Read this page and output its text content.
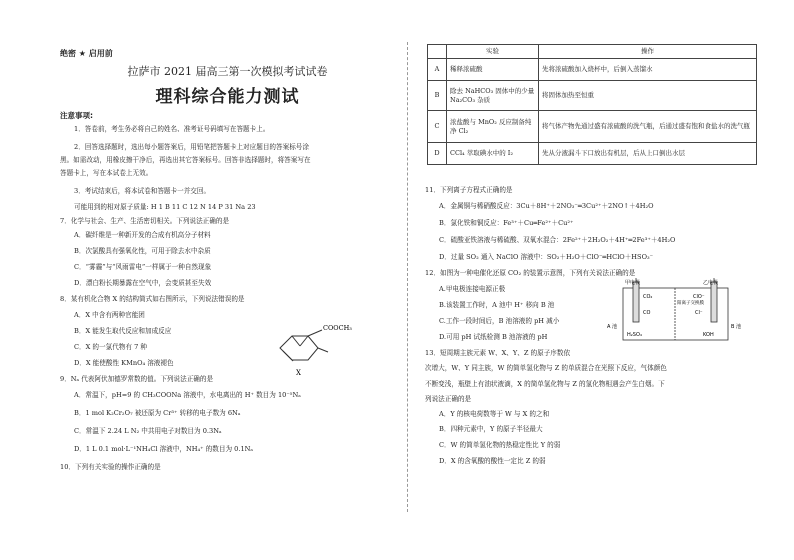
绝密 ★ 启用前
拉萨市 2021 届高三第一次模拟考试试卷
理科综合能力测试
注意事项:
1．答卷前，考生务必将自己的姓名、准考证号码填写在答题卡上。
2．回答选择题时，选出每小题答案后，用铅笔把答题卡上对应题目的答案标号涂
黑。如需改动，用橡皮擦干净后，再选出其它答案标号。回答非选择题时，将答案写在
答题卡上，写在本试卷上无效。
3．考试结束后，将本试卷和答题卡一并交回。
可能用到的相对原子质量: H 1 B 11 C 12 N 14 P 31 Na 23
7．化学与社会、生产、生活密切相关。下列说法正确的是
A．碳纤维是一种新开发的合成有机高分子材料
B．次氯酸具有强氧化性，可用于除去水中杂质
C．“雾霾”与“风雨雷电”一样属于一种自然现象
D．漂白粉长期暴露在空气中，会变质甚至失效
8．某有机化合物 X 的结构简式如右图所示，下列说法错误的是
A．X 中含有两种官能团
B．X 能发生取代反应和加成反应
C．X 的一氯代物有 7 种
D．X 能使酸性 KMnO₄ 溶液褪色
9．Nₐ 代表阿伏加德罗常数的值。下列说法正确的是
A．常温下，pH=9 的 CH₃COONa 溶液中，水电离出的 H⁺ 数目为 10⁻⁵Nₐ
B．1 mol K₂Cr₂O₇ 被还原为 Cr³⁺ 转移的电子数为 6Nₐ
C．常温下 2.24 L N₂ 中共用电子对数目为 0.3Nₐ
D．1 L 0.1 mol·L⁻¹NH₄Cl 溶液中，NH₄⁺ 的数目为 0.1Nₐ
10．下列有关实验的操作正确的是
COOCH₃
X
	实验	操作
A	稀释浓硫酸	先将浓硫酸加入烧杯中，后倒入蒸馏水
B	除去 NaHCO₃ 固体中的少量 Na₂CO₃ 杂质	将固体加热至恒重
C	浓盐酸与 MnO₂ 反应制备纯净 Cl₂	将气体产物先通过盛有浓硫酸的洗气瓶，后通过盛有饱和食盐水的洗气瓶
D	CCl₄ 萃取碘水中的 I₂	先从分液漏斗下口放出有机层，后从上口倒出水层
11．下列离子方程式正确的是
A．金属铜与稀硝酸反应：3Cu＋8H⁺＋2NO₃⁻═3Cu²⁺＋2NO↑＋4H₂O
B．氯化铁和铜反应：Fe³⁺＋Cu═Fe²⁺＋Cu²⁺
C．硫酸亚铁溶液与稀硫酸、双氧水混合：2Fe²⁺＋2H₂O₂＋4H⁺═2Fe³⁺＋4H₂O
D．过量 SO₂ 通入 NaClO 溶液中：SO₂＋H₂O＋ClO⁻═HClO＋HSO₃⁻
12．如图为一种电催化还原 CO₂ 的装置示意图，下列有关说法正确的是
A.甲电极连接电源正极
B.该装置工作时，A 池中 H⁺ 移向 B 池
C.工作一段时间后，B 池溶液的 pH 减小
D.可用 pH 试纸检测 B 池溶液的 pH
13．短周期主族元素 W、X、Y、Z 的原子序数依
次增大，W、Y 同主族，W 的简单氢化物与 Z 的单质混合在光照下反应，气体颜色
不断变浅，瓶壁上有油状液滴，X 的简单氢化物与 Z 的氢化物相遇会产生白烟。下
列说法正确的是
A．Y 的核电荷数等于 W 与 X 的之和
B．四种元素中，Y 的原子半径最大
C．W 的简单氢化物的热稳定性比 Y 的弱
D．X 的含氧酸的酸性一定比 Z 的弱
甲电极	乙电极
阳离子交换膜
A 池	B 池
H₂SO₄	KOH
CO₂
CO
ClO⁻
Cl⁻
